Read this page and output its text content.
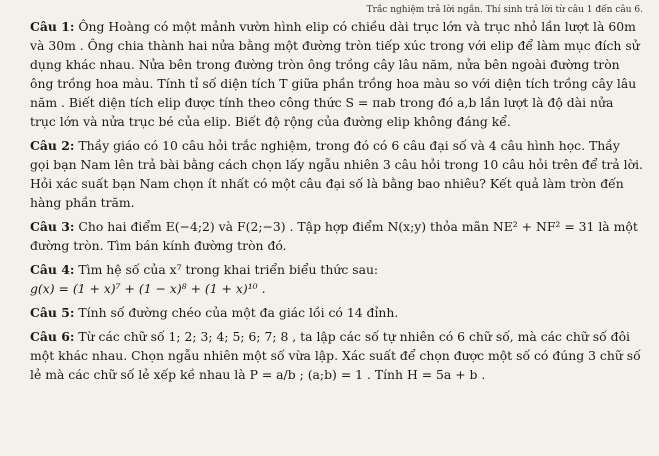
Trắc nghiệm trả lời ngắn. Thí sinh trả lời từ câu 1 đến câu 6.

Câu 1: Ông Hoàng có một mảnh vườn hình elip có chiều dài trục lớn và trục nhỏ lần lượt là 60m và 30m . Ông chia thành hai nửa bằng một đường tròn tiếp xúc trong với elip để làm mục đích sử dụng khác nhau. Nửa bên trong đường tròn ông trồng cây lâu năm, nửa bên ngoài đường tròn ông trồng hoa màu. Tính tỉ số diện tích T giữa phần trồng hoa màu so với diện tích trồng cây lâu năm . Biết diện tích elip được tính theo công thức S = πab trong đó a,b lần lượt là độ dài nửa trục lớn và nửa trục bé của elip. Biết độ rộng của đường elip không đáng kể.

Câu 2: Thầy giáo có 10 câu hỏi trắc nghiệm, trong đó có 6 câu đại số và 4 câu hình học. Thầy gọi bạn Nam lên trả bài bằng cách chọn lấy ngẫu nhiên 3 câu hỏi trong 10 câu hỏi trên để trả lời. Hỏi xác suất bạn Nam chọn ít nhất có một câu đại số là bằng bao nhiêu? Kết quả làm tròn đến hàng phần trăm.

Câu 3: Cho hai điểm E(−4;2) và F(2;−3) . Tập hợp điểm N(x;y) thỏa mãn NE² + NF² = 31 là một đường tròn. Tìm bán kính đường tròn đó.

Câu 4: Tìm hệ số của x⁷ trong khai triển biểu thức sau:
g(x) = (1 + x)⁷ + (1 − x)⁸ + (1 + x)¹⁰ .

Câu 5: Tính số đường chéo của một đa giác lồi có 14 đỉnh.

Câu 6: Từ các chữ số 1; 2; 3; 4; 5; 6; 7; 8 , ta lập các số tự nhiên có 6 chữ số, mà các chữ số đôi một khác nhau. Chọn ngẫu nhiên một số vừa lập. Xác suất để chọn được một số có đúng 3 chữ số lẻ mà các chữ số lẻ xếp kề nhau là P = a/b ; (a;b) = 1 . Tính H = 5a + b .
